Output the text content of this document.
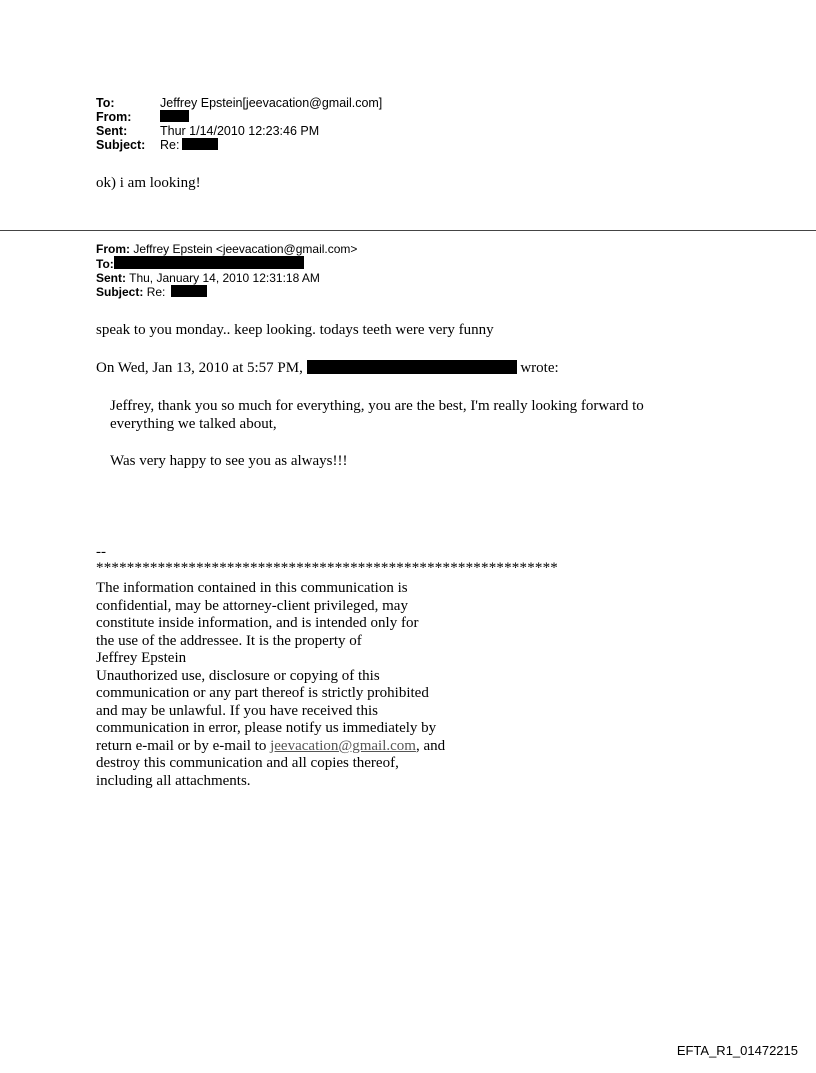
To:	Jeffrey Epstein[jeevacation@gmail.com]
From:
Sent:	Thur 1/14/2010 12:23:46 PM
Subject:	Re:
ok) i am looking!
From: Jeffrey Epstein <jeevacation@gmail.com>
To:
Sent: Thu, January 14, 2010 12:31:18 AM
Subject: Re:
speak to you monday.. keep looking. todays teeth were very funny
On Wed, Jan 13, 2010 at 5:57 PM,	wrote:
Jeffrey, thank you so much for everything, you are the best, I'm really looking forward to
everything we talked about,
Was very happy to see you as always!!!
--
************************************************************
The information contained in this communication is
confidential, may be attorney-client privileged, may
constitute inside information, and is intended only for
the use of the addressee. It is the property of
Jeffrey Epstein
Unauthorized use, disclosure or copying of this
communication or any part thereof is strictly prohibited
and may be unlawful. If you have received this
communication in error, please notify us immediately by
return e-mail or by e-mail to jeevacation@gmail.com, and
destroy this communication and all copies thereof,
including all attachments.
EFTA_R1_01472215
